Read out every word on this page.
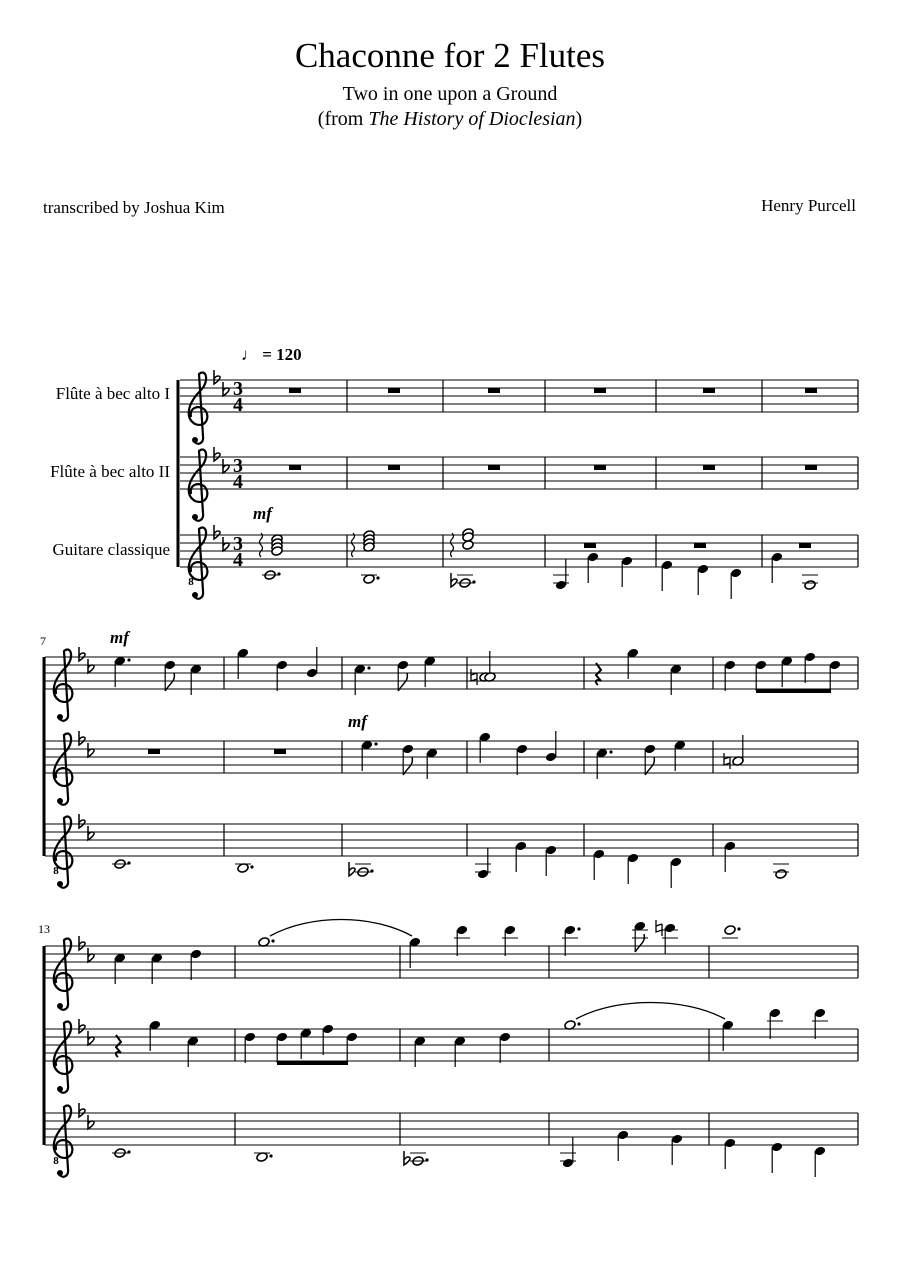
Chaconne for 2 Flutes
Two in one upon a Ground
(from The History of Dioclesian)
transcribed by Joshua Kim	Henry Purcell
♩ = 120
Flûte à bec alto I
Flûte à bec alto II
Guitare classique
7
13
3
4
3
4
3
4
mf
8
mf
mf
8
8
